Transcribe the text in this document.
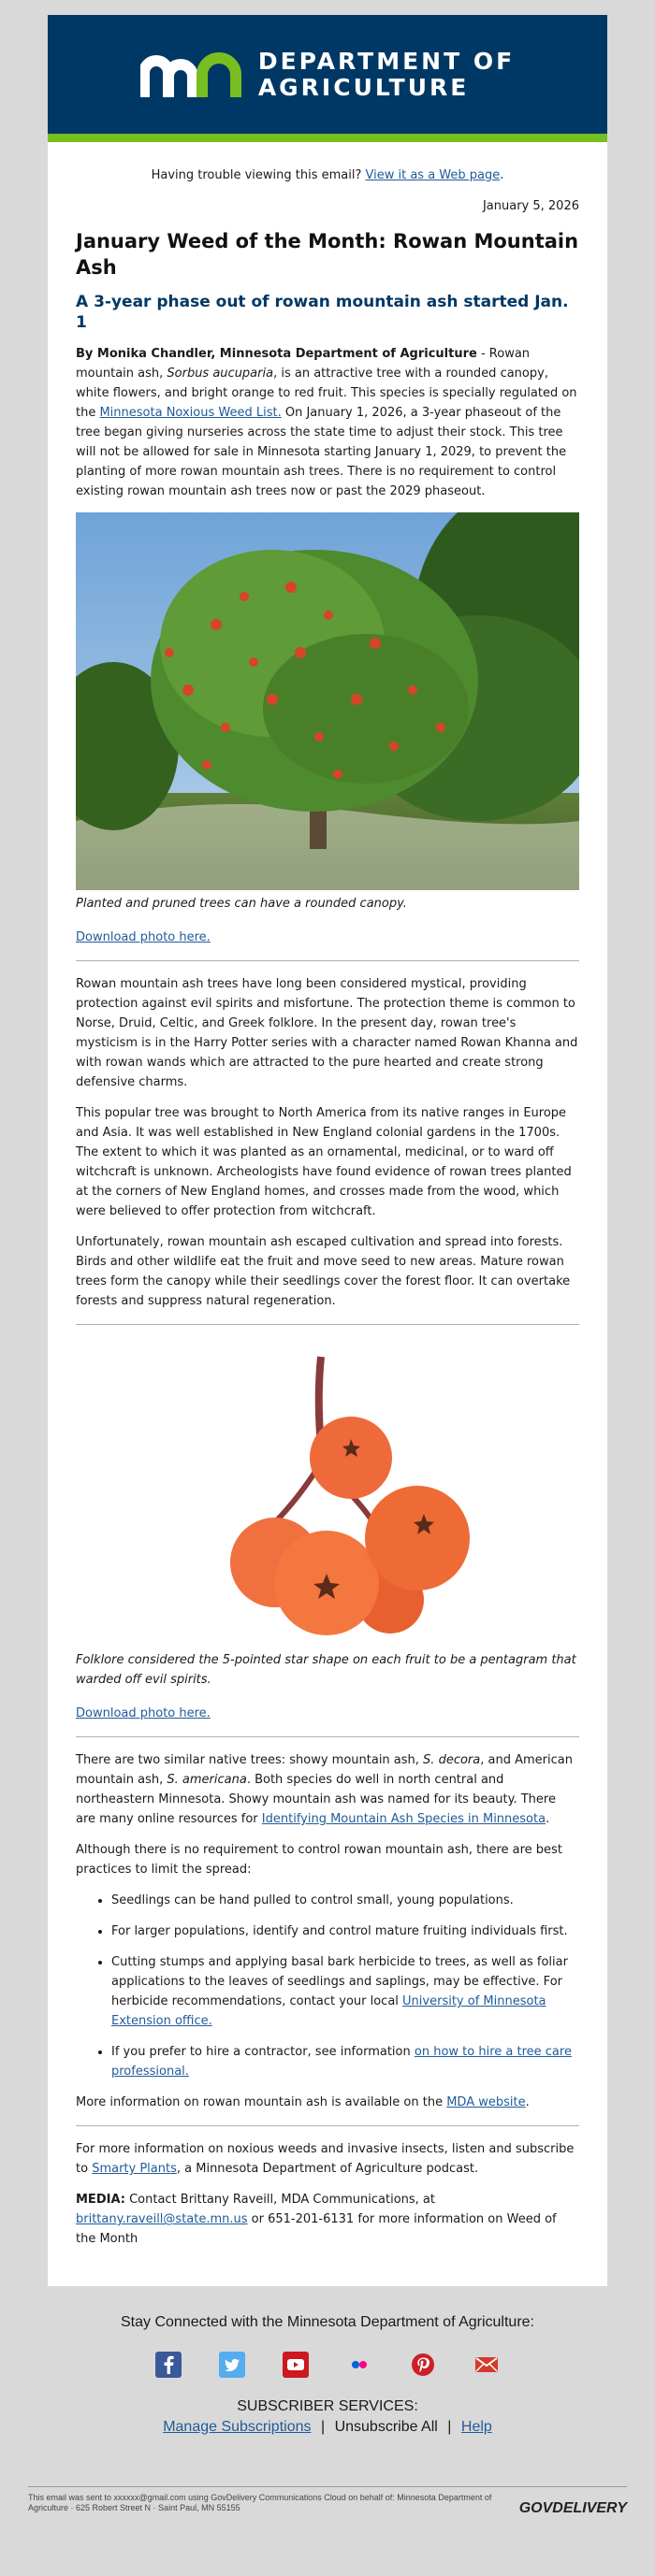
DEPARTMENT OF
AGRICULTURE
Having trouble viewing this email? View it as a Web page.
January 5, 2026
January Weed of the Month: Rowan Mountain Ash
A 3-year phase out of rowan mountain ash started Jan. 1

By Monika Chandler, Minnesota Department of Agriculture - Rowan mountain ash, Sorbus aucuparia, is an attractive tree with a rounded canopy, white flowers, and bright orange to red fruit. This species is specially regulated on the Minnesota Noxious Weed List. On January 1, 2026, a 3-year phaseout of the tree began giving nurseries across the state time to adjust their stock. This tree will not be allowed for sale in Minnesota starting January 1, 2029, to prevent the planting of more rowan mountain ash trees. There is no requirement to control existing rowan mountain ash trees now or past the 2029 phaseout.

Planted and pruned trees can have a rounded canopy.
Download photo here.

Rowan mountain ash trees have long been considered mystical, providing protection against evil spirits and misfortune. The protection theme is common to Norse, Druid, Celtic, and Greek folklore. In the present day, rowan tree's mysticism is in the Harry Potter series with a character named Rowan Khanna and with rowan wands which are attracted to the pure hearted and create strong defensive charms.

This popular tree was brought to North America from its native ranges in Europe and Asia. It was well established in New England colonial gardens in the 1700s. The extent to which it was planted as an ornamental, medicinal, or to ward off witchcraft is unknown. Archeologists have found evidence of rowan trees planted at the corners of New England homes, and crosses made from the wood, which were believed to offer protection from witchcraft.

Unfortunately, rowan mountain ash escaped cultivation and spread into forests. Birds and other wildlife eat the fruit and move seed to new areas. Mature rowan trees form the canopy while their seedlings cover the forest floor. It can overtake forests and suppress natural regeneration.

Folklore considered the 5-pointed star shape on each fruit to be a pentagram that warded off evil spirits.
Download photo here.

There are two similar native trees: showy mountain ash, S. decora, and American mountain ash, S. americana. Both species do well in north central and northeastern Minnesota. Showy mountain ash was named for its beauty. There are many online resources for Identifying Mountain Ash Species in Minnesota.

Although there is no requirement to control rowan mountain ash, there are best practices to limit the spread:

• Seedlings can be hand pulled to control small, young populations.
• For larger populations, identify and control mature fruiting individuals first.
• Cutting stumps and applying basal bark herbicide to trees, as well as foliar applications to the leaves of seedlings and saplings, may be effective. For herbicide recommendations, contact your local University of Minnesota Extension office.
• If you prefer to hire a contractor, see information on how to hire a tree care professional.

More information on rowan mountain ash is available on the MDA website.

For more information on noxious weeds and invasive insects, listen and subscribe to Smarty Plants, a Minnesota Department of Agriculture podcast.

MEDIA: Contact Brittany Raveill, MDA Communications, at brittany.raveill@state.mn.us or 651-201-6131 for more information on Weed of the Month

Stay Connected with the Minnesota Department of Agriculture:
SUBSCRIBER SERVICES:
Manage Subscriptions | Unsubscribe All | Help
This email was sent to xxxxxx@gmail.com using GovDelivery Communications Cloud on behalf of: Minnesota Department of Agriculture · 625 Robert Street N · Saint Paul, MN 55155	GOVDELIVERY
